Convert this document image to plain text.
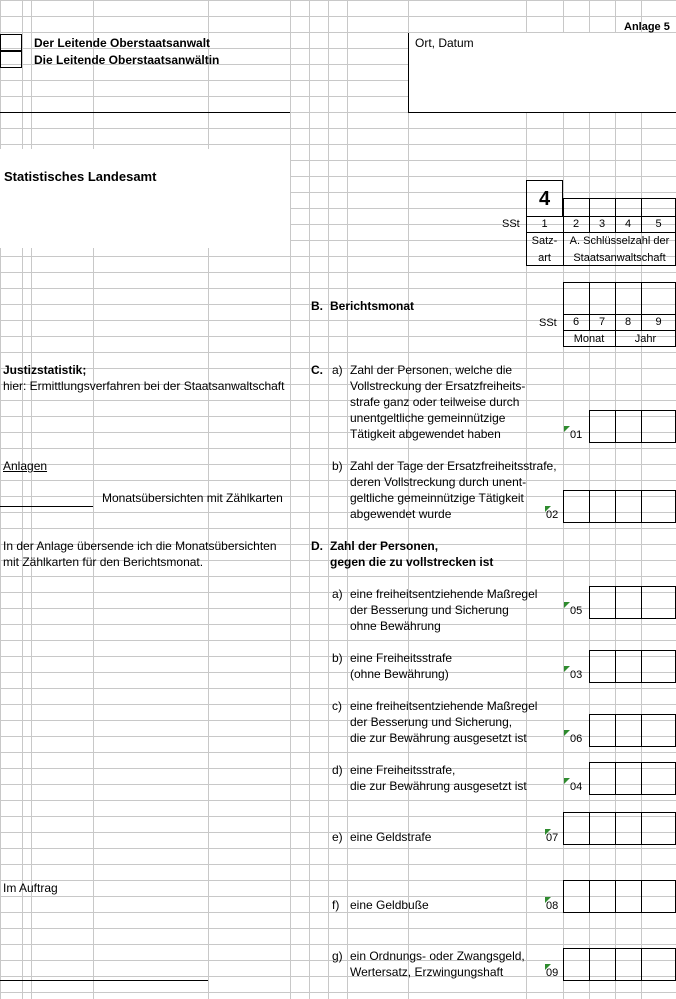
Anlage 5
Der Leitende Oberstaatsanwalt
Die Leitende Oberstaatsanwältin
Ort, Datum
Statistisches Landesamt
4
SSt	1	2	3	4	5
Satz-
art
A. Schlüsselzahl der
Staatsanwaltschaft
B. Berichtsmonat
SSt	6	7	8	9
Monat	Jahr
Justizstatistik;
hier: Ermittlungsverfahren bei der Staatsanwaltschaft
C. a) Zahl der Personen, welche die
Vollstreckung der Ersatzfreiheits-
strafe ganz oder teilweise durch
unentgeltliche gemeinnützige
Tätigkeit abgewendet haben	01
b) Zahl der Tage der Ersatzfreiheitsstrafe,
deren Vollstreckung durch unent-
geltliche gemeinnützige Tätigkeit
abgewendet wurde	02
Anlagen
Monatsübersichten mit Zählkarten
In der Anlage übersende ich die Monatsübersichten
mit Zählkarten für den Berichtsmonat.
D. Zahl der Personen,
gegen die zu vollstrecken ist
a) eine freiheitsentziehende Maßregel
der Besserung und Sicherung
ohne Bewährung
05
b) eine Freiheitsstrafe
(ohne Bewährung)	03
c) eine freiheitsentziehende Maßregel
der Besserung und Sicherung,
die zur Bewährung ausgesetzt ist	06
d) eine Freiheitsstrafe,
die zur Bewährung ausgesetzt ist	04
e) eine Geldstrafe	07
Im Auftrag
f) eine Geldbuße	08
g) ein Ordnungs- oder Zwangsgeld,
Wertersatz, Erzwingungshaft	09
